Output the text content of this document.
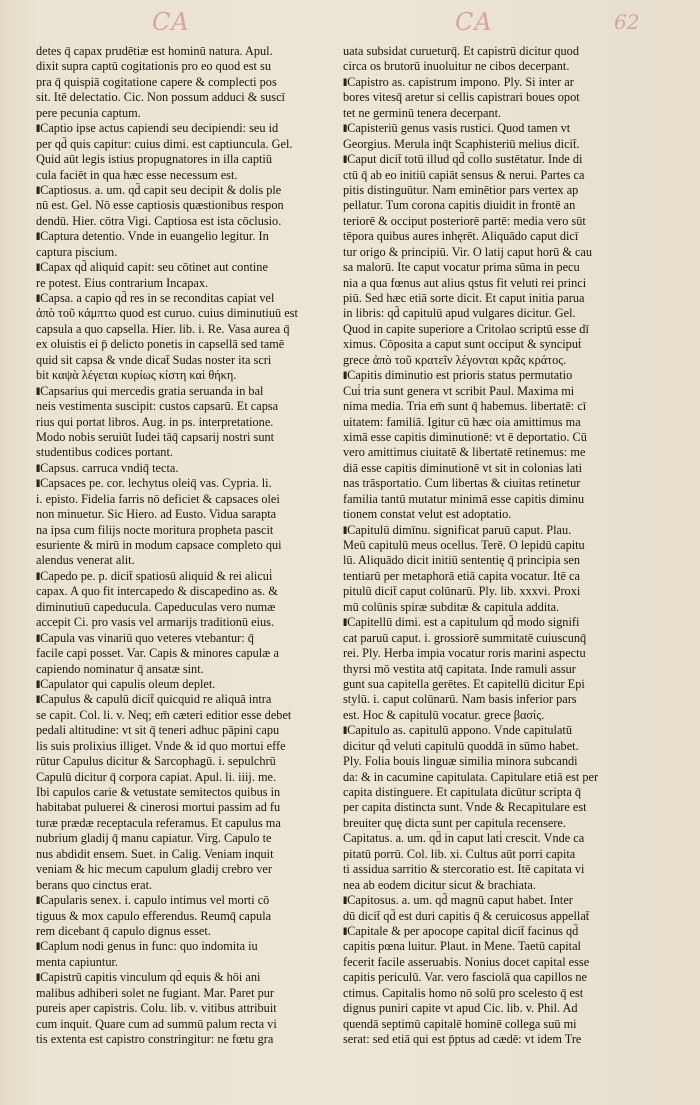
CA	CA	62
detes q̄ capax prudētiæ est hominū natura. Apul.
dixit supra captū cogitationis pro eo quod est su
pra q̄ quispiā cogitatione capere & complecti pos
sit. Itē delectatio. Cic. Non possum adduci & suscī
pere pecunia captum.
‖‖ Captio ipse actus capiendi seu decipiendi: seu id
per qd̄ quis capitur: cuius dimi. est captiuncula. Gel.
Quid aūt legis istius propugnatores in illa captiū
cula faciēt in qua hæc esse necessum est.
‖‖ Captiosus. a. um. qd̄ capit seu decipit & dolis ple
nū est. Gel. Nō esse captiosis quæstionibus respon
dendū. Hier. cōtra Vigi. Captiosa est ista cōclusio.
‖‖ Captura detentio. Vnde in euangelio legitur. In
captura piscium.
‖‖ Capax qd̄ aliquid capit: seu cōtinet aut contine
re potest. Eius contrarium Incapax.
‖‖ Capsa. a capio qd̄ res in se reconditas capiat vel
ἀπὸ τοῦ κάμπτω quod est curuo. cuius diminutiuū est
capsula a quo capsella. Hier. lib. i. Re. Vasa aurea q̄
ex oluistis ei p̄ delicto ponetis in capsellā sed tamē
quid sit capsa & vnde dicat̄ Sudas noster ita scri
bit καψὰ λέγεται κυρίως κίστη καὶ θήκη.
‖‖ Capsarius qui mercedis gratia seruanda in bal
neis vestimenta suscipit: custos capsarū. Et capsa
rius qui portat libros. Aug. in ps. interpretatione.
Modo nobis seruiūt Iudei tāq̄ capsarij nostri sunt
studentibus codices portant.
‖‖ Capsus. carruca vndiq̄ tecta.
‖‖ Capsaces pe. cor. lechytus oleiq̄ vas. Cypria. li.
i. episto. Fidelia farris nō deficiet & capsaces olei
non minuetur. Sic Hiero. ad Eusto. Vidua sarapta
na ipsa cum filijs nocte moritura propheta pascit
esuriente & mirū in modum capsace completo qui
alendus venerat alit.
‖‖ Capedo pe. p. dicit̄ spatiosū aliquid & rei alicui̇
capax. A quo fit intercapedo & discapedino as. &
diminutiuū capeducula. Capeduculas vero numæ
accepit Ci. pro vasis vel armarijs traditionū eius.
‖‖ Capula vas vinariū quo veteres vtebantur: q̄
facile capi posset. Var. Capis & minores capulæ a
capiendo nominatur q̄ ansatæ sint.
‖‖ Capulator qui capulis oleum deplet.
‖‖ Capulus & capulū dicit̄ quicquid re aliquā intra
se capit. Col. li. v. Neq; em̄ cæteri editior esse debet
pedali altitudine: vt sit q̄ teneri adhuc pāpini capu
lis suis prolixius illiget. Vnde & id quo mortui effe
rūtur Capulus dicitur & Sarcophagū. i. sepulchrū
Capulū dicitur q̄ corpora capiat. Apul. li. iiij. me.
Ibi capulos carie & vetustate semitectos quibus in
habitabat puluerei & cinerosi mortui passim ad fu
turæ prædæ receptacula referamus. Et capulus ma
nubrium gladij q̄ manu capiatur. Virg. Capulo te
nus abdidit ensem. Suet. in Calig. Veniam inquit
veniam & hic mecum capulum gladij crebro ver
berans quo cinctus erat.
‖‖ Capularis senex. i. capulo intimus vel morti cō
tiguus & mox capulo efferendus. Reumq̄ capula
rem dicebant q̄ capulo dignus esset.
‖‖ Caplum nodi genus in func: quo indomita iu
menta capiuntur.
‖‖ Capistrū capitis vinculum qd̄ equis & hōi ani
malibus adhiberi solet ne fugiant. Mar. Paret pur
pureis aper capistris. Colu. lib. v. vitibus attribuit
cum inquit. Quare cum ad summū palum recta vi
tis extenta est capistro constringitur: ne fœtu gra
uata subsidat curueturq̄. Et capistrū dicitur quod
circa os brutorū inuoluitur ne cibos decerpant.
‖‖ Capistro as. capistrum impono. Ply. Si inter ar
bores vitesq̄ aretur si cellis capistrari boues opot
tet ne germinū tenera decerpant.
‖‖ Capisteriū genus vasis rustici. Quod tamen vt
Georgius. Merula inq̄t Scaphisteriū melius dicit̄.
‖‖ Caput dicit̄ totū illud qd̄ collo sustētatur. Inde di
ctū q̄ ab eo initiū capiāt sensus & nerui. Partes ca
pitis distinguūtur. Nam eminētior pars vertex ap
pellatur. Tum corona capitis diuidit in frontē an
teriorē & occiput posteriorē partē: media vero sūt
tēpora quibus aures inhęrēt. Aliquādo caput dicī
tur origo & principiū. Vir. O latij caput horū & cau
sa malorū. Ite caput vocatur prima sūma in pecu
nia a qua fœnus aut alius qstus fit veluti rei princi
piū. Sed hæc etiā sorte dicit. Et caput initia parua
in libris: qd̄ capitulū apud vulgares dicitur. Gel.
Quod in capite superiore a Critolao scriptū esse dī
ximus. Cōposita a caput sunt occiput & syncipuṫ
grece ἀπὸ τοῦ κρατεῖν λέγονται κρᾶς κράτος.
‖‖ Capitis diminutio est prioris status permutatio
Cui̇ tria sunt genera vt scribit Paul. Maxima mi
nima media. Tria em̄ sunt q̄ habemus. libertatē: cī
uitatem: familiā. Igitur cū hæc oia amittimus ma
ximā esse capitis diminutionē: vt ē deportatio. Cū
vero amittimus ciuitatē & libertatē retinemus: me
diā esse capitis diminutionē vt sit in colonias lati
nas trāsportatio. Cum libertas & ciuitas retinetur
familia tantū mutatur minimā esse capitis diminu
tionem constat velut est adoptatio.
‖‖ Capitulū dimīnu. significat paruū caput. Plau.
Meū capitulū meus ocellus. Terē. O lepidū capitu
lū. Aliquādo dicit initiū sententię q̄ principia sen
tentiarū per metaphorā etiā capita vocatur. Itē ca
pitulū dicit̄ caput colūnarū. Ply. lib. xxxvi. Proxi
mū colūnis spiræ subditæ & capitula addita.
‖‖ Capitellū dimi. est a capitulum qd̄ modo signifi
cat paruū caput. i. grossiorē summitatē cuiuscunq̄
rei. Ply. Herba impia vocatur roris marini aspectu
thyrsi mō vestita atq̄ capitata. Inde ramuli assur
gunt sua capitella gerētes. Et capitellū dicitur Epi
stylū. i. caput colūnarū. Nam basis inferior pars
est. Hoc & capitulū vocatur. grece βασίς.
‖‖ Capitulo as. capitulū appono. Vnde capitulatū
dicitur qd̄ veluti capitulū quoddā in sūmo habet.
Ply. Folia bouis linguæ similia minora subcandi
da: & in cacumine capitulata. Capitulare etiā est per
capita distinguere. Et capitulata dicūtur scripta q̄
per capita distincta sunt. Vnde & Recapitulare est
breuiter quę dicta sunt per capitula recensere.
Capitatus. a. um. qd̄ in caput lati̇ crescit. Vnde ca
pitatū porrū. Col. lib. xi. Cultus aūt porri capita
ti assidua sarritio & stercoratio est. Itē capitata vi
nea ab eodem dicitur sicut & brachiata.
‖‖ Capitosus. a. um. qd̄ magnū caput habet. Inter
dū dicit̄ qd̄ est duri capitis q̄ & ceruicosus appellat̄
‖‖ Capitale & per apocope capital dicit̄ facinus qd̄
capitis pœna luitur. Plaut. in Mene. Taetū capital
fecerit facile asseruabis. Nonius docet capital esse
capitis periculū. Var. vero fasciolā qua capillos ne
ctimus. Capitalis homo nō solū pro scelesto q̄ est
dignus puniri capite vt apud Cic. lib. v. Phil. Ad
quendā septimū capitalē hominē collega suū mi
serat: sed etiā qui est p̄ptus ad cædē: vt idem Tre
